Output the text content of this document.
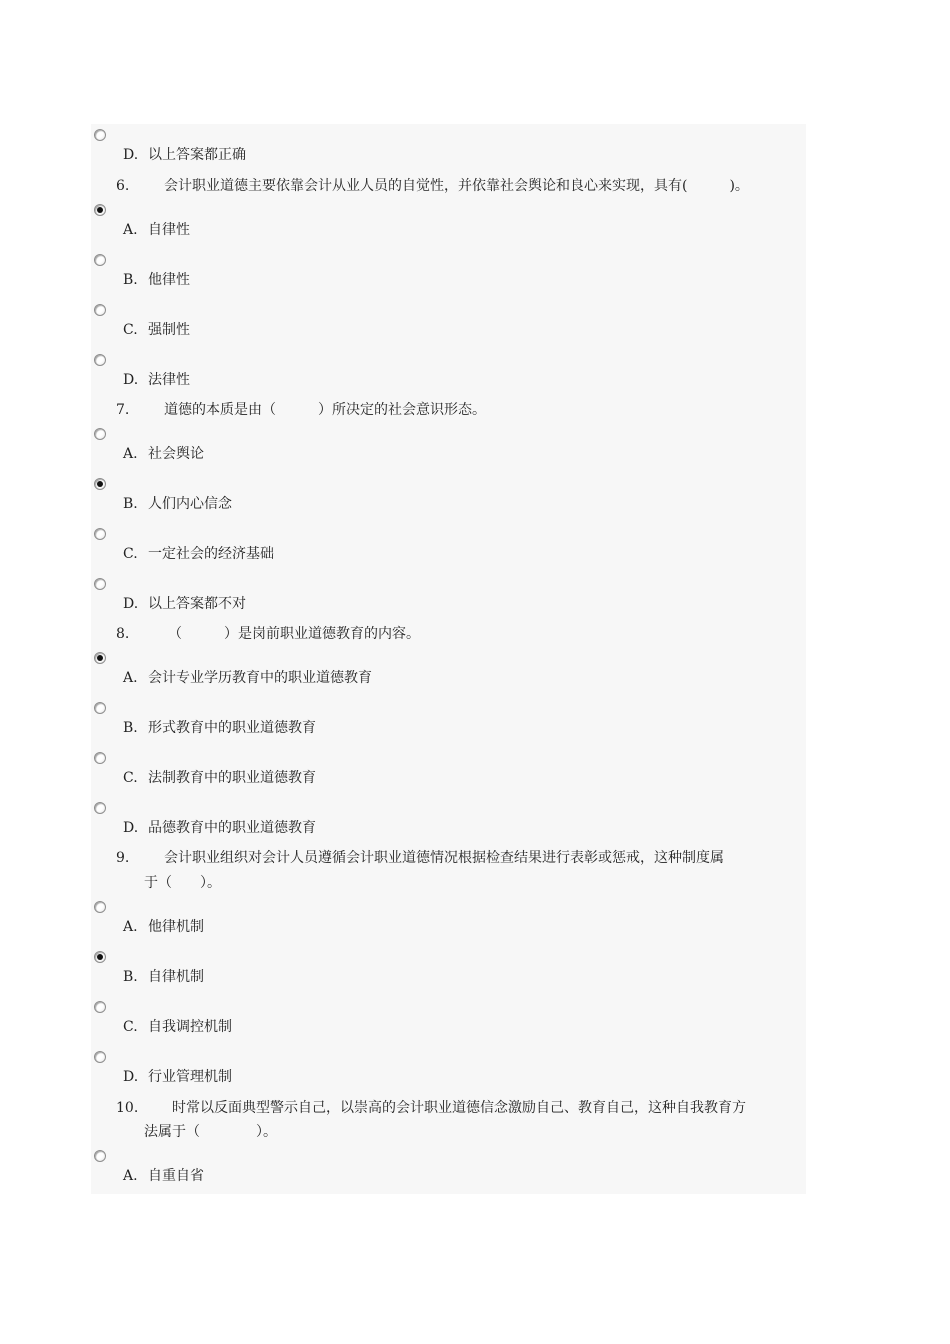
D. 以上答案都正确
6. 会计职业道德主要依靠会计从业人员的自觉性，并依靠社会舆论和良心来实现，具有(　　　)。
A. 自律性
B. 他律性
C. 强制性
D. 法律性
7. 道德的本质是由（　　　）所决定的社会意识形态。
A. 社会舆论
B. 人们内心信念
C. 一定社会的经济基础
D. 以上答案都不对
8.	（　　　）是岗前职业道德教育的内容。
A. 会计专业学历教育中的职业道德教育
B. 形式教育中的职业道德教育
C. 法制教育中的职业道德教育
D. 品德教育中的职业道德教育
9. 会计职业组织对会计人员遵循会计职业道德情况根据检查结果进行表彰或惩戒，这种制度属
于（　　）。
A. 他律机制
B. 自律机制
C. 自我调控机制
D. 行业管理机制
10. 时常以反面典型警示自己，以崇高的会计职业道德信念激励自己、教育自己，这种自我教育方
法属于（　　　　）。
A. 自重自省
